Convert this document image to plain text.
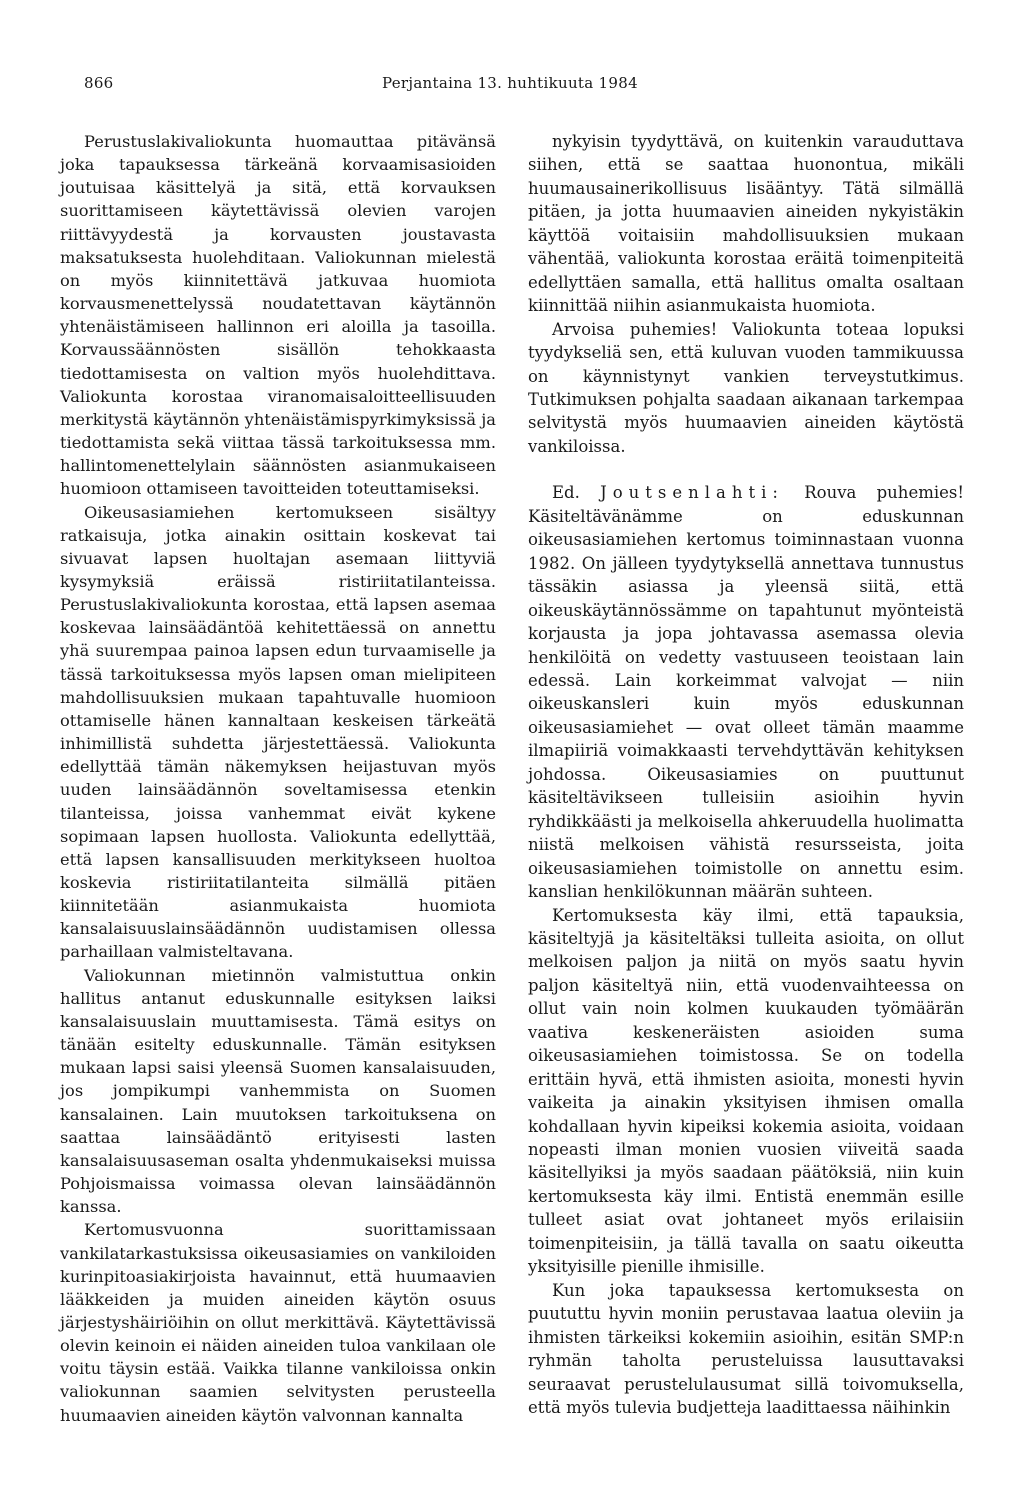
866	Perjantaina 13. huhtikuuta 1984

Perustuslakivaliokunta huomauttaa pitävänsä joka tapauksessa tärkeänä korvaamisasioiden joutuisaa käsittelyä ja sitä, että korvauksen suorittamiseen käytettävissä olevien varojen riittävyydestä ja korvausten joustavasta maksatuksesta huolehditaan. Valiokunnan mielestä on myös kiinnitettävä jatkuvaa huomiota korvausmenettelyssä noudatettavan käytännön yhtenäistämiseen hallinnon eri aloilla ja tasoilla. Korvaussäännösten sisällön tehokkaasta tiedottamisesta on valtion myös huolehdittava. Valiokunta korostaa viranomaisaloitteellisuuden merkitystä käytännön yhtenäistämispyrkimyksissä ja tiedottamista sekä viittaa tässä tarkoituksessa mm. hallintomenettelylain säännösten asianmukaiseen huomioon ottamiseen tavoitteiden toteuttamiseksi.

Oikeusasiamiehen kertomukseen sisältyy ratkaisuja, jotka ainakin osittain koskevat tai sivuavat lapsen huoltajan asemaan liittyviä kysymyksiä eräissä ristiriitatilanteissa. Perustuslakivaliokunta korostaa, että lapsen asemaa koskevaa lainsäädäntöä kehitettäessä on annettu yhä suurempaa painoa lapsen edun turvaamiselle ja tässä tarkoituksessa myös lapsen oman mielipiteen mahdollisuuksien mukaan tapahtuvalle huomioon ottamiselle hänen kannaltaan keskeisen tärkeätä inhimillistä suhdetta järjestettäessä. Valiokunta edellyttää tämän näkemyksen heijastuvan myös uuden lainsäädännön soveltamisessa etenkin tilanteissa, joissa vanhemmat eivät kykene sopimaan lapsen huollosta. Valiokunta edellyttää, että lapsen kansallisuuden merkitykseen huoltoa koskevia ristiriitatilanteita silmällä pitäen kiinnitetään asianmukaista huomiota kansalaisuuslainsäädännön uudistamisen ollessa parhaillaan valmisteltavana.

Valiokunnan mietinnön valmistuttua onkin hallitus antanut eduskunnalle esityksen laiksi kansalaisuuslain muuttamisesta. Tämä esitys on tänään esitelty eduskunnalle. Tämän esityksen mukaan lapsi saisi yleensä Suomen kansalaisuuden, jos jompikumpi vanhemmista on Suomen kansalainen. Lain muutoksen tarkoituksena on saattaa lainsäädäntö erityisesti lasten kansalaisuusaseman osalta yhdenmukaiseksi muissa Pohjoismaissa voimassa olevan lainsäädännön kanssa.

Kertomusvuonna suorittamissaan vankilatarkastuksissa oikeusasiamies on vankiloiden kurinpitoasiakirjoista havainnut, että huumaavien lääkkeiden ja muiden aineiden käytön osuus järjestyshäiriöihin on ollut merkittävä. Käytettävissä olevin keinoin ei näiden aineiden tuloa vankilaan ole voitu täysin estää. Vaikka tilanne vankiloissa onkin valiokunnan saamien selvitysten perusteella huumaavien aineiden käytön valvonnan kannalta

nykyisin tyydyttävä, on kuitenkin varauduttava siihen, että se saattaa huonontua, mikäli huumausainerikollisuus lisääntyy. Tätä silmällä pitäen, ja jotta huumaavien aineiden nykyistäkin käyttöä voitaisiin mahdollisuuksien mukaan vähentää, valiokunta korostaa eräitä toimenpiteitä edellyttäen samalla, että hallitus omalta osaltaan kiinnittää niihin asianmukaista huomiota.

Arvoisa puhemies! Valiokunta toteaa lopuksi tyydykseliä sen, että kuluvan vuoden tammikuussa on käynnistynyt vankien terveystutkimus. Tutkimuksen pohjalta saadaan aikanaan tarkempaa selvitystä myös huumaavien aineiden käytöstä vankiloissa.

Ed. Joutsenlahti: Rouva puhemies! Käsiteltävänämme on eduskunnan oikeusasiamiehen kertomus toiminnastaan vuonna 1982. On jälleen tyydytyksellä annettava tunnustus tässäkin asiassa ja yleensä siitä, että oikeuskäytännössämme on tapahtunut myönteistä korjausta ja jopa johtavassa asemassa olevia henkilöitä on vedetty vastuuseen teoistaan lain edessä. Lain korkeimmat valvojat — niin oikeuskansleri kuin myös eduskunnan oikeusasiamiehet — ovat olleet tämän maamme ilmapiiriä voimakkaasti tervehdyttävän kehityksen johdossa. Oikeusasiamies on puuttunut käsiteltävikseen tulleisiin asioihin hyvin ryhdikkäästi ja melkoisella ahkeruudella huolimatta niistä melkoisen vähistä resursseista, joita oikeusasiamiehen toimistolle on annettu esim. kanslian henkilökunnan määrän suhteen.

Kertomuksesta käy ilmi, että tapauksia, käsiteltyjä ja käsiteltäksi tulleita asioita, on ollut melkoisen paljon ja niitä on myös saatu hyvin paljon käsiteltyä niin, että vuodenvaihteessa on ollut vain noin kolmen kuukauden työmäärän vaativa keskeneräisten asioiden suma oikeusasiamiehen toimistossa. Se on todella erittäin hyvä, että ihmisten asioita, monesti hyvin vaikeita ja ainakin yksityisen ihmisen omalla kohdallaan hyvin kipeiksi kokemia asioita, voidaan nopeasti ilman monien vuosien viiveitä saada käsitellyiksi ja myös saadaan päätöksiä, niin kuin kertomuksesta käy ilmi. Entistä enemmän esille tulleet asiat ovat johtaneet myös erilaisiin toimenpiteisiin, ja tällä tavalla on saatu oikeutta yksityisille pienille ihmisille.

Kun joka tapauksessa kertomuksesta on puututtu hyvin moniin perustavaa laatua oleviin ja ihmisten tärkeiksi kokemiin asioihin, esitän SMP:n ryhmän taholta perusteluissa lausuttavaksi seuraavat perustelulausumat sillä toivomuksella, että myös tulevia budjetteja laadittaessa näihinkin
